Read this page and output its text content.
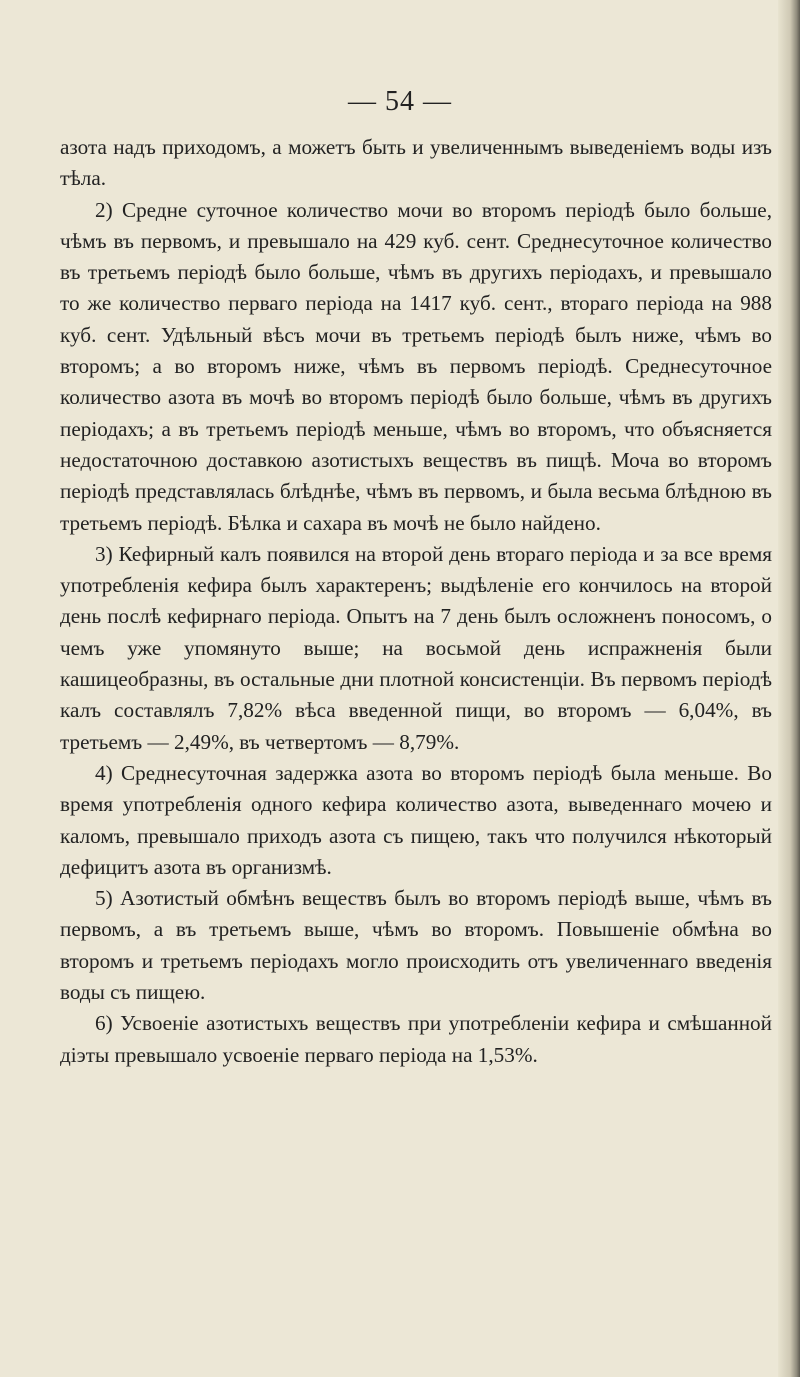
— 54 —

азота надъ приходомъ, а можетъ быть и увеличеннымъ выведеніемъ воды изъ тѣла.

2) Средне суточное количество мочи во второмъ періодѣ было больше, чѣмъ въ первомъ, и превышало на 429 куб. сент. Среднесуточное количество въ третьемъ періодѣ было больше, чѣмъ въ другихъ періодахъ, и превышало то же количество перваго періода на 1417 куб. сент., втораго періода на 988 куб. сент. Удѣльный вѣсъ мочи въ третьемъ періодѣ былъ ниже, чѣмъ во второмъ; а во второмъ ниже, чѣмъ въ первомъ періодѣ. Среднесуточное количество азота въ мочѣ во второмъ періодѣ было больше, чѣмъ въ другихъ періодахъ; а въ третьемъ періодѣ меньше, чѣмъ во второмъ, что объясняется недостаточною доставкою азотистыхъ веществъ въ пищѣ. Моча во второмъ періодѣ представлялась блѣднѣе, чѣмъ въ первомъ, и была весьма блѣдною въ третьемъ періодѣ. Бѣлка и сахара въ мочѣ не было найдено.

3) Кефирный калъ появился на второй день втораго періода и за все время употребленія кефира былъ характеренъ; выдѣленіе его кончилось на второй день послѣ кефирнаго періода. Опытъ на 7 день былъ осложненъ поносомъ, о чемъ уже упомянуто выше; на восьмой день испражненія были кашицеобразны, въ остальные дни плотной консистенціи. Въ первомъ періодѣ калъ составлялъ 7,82% вѣса введенной пищи, во второмъ — 6,04%, въ третьемъ — 2,49%, въ четвертомъ — 8,79%.

4) Среднесуточная задержка азота во второмъ періодѣ была меньше. Во время употребленія одного кефира количество азота, выведеннаго мочею и каломъ, превышало приходъ азота съ пищею, такъ что получился нѣкоторый дефицитъ азота въ организмѣ.

5) Азотистый обмѣнъ веществъ былъ во второмъ періодѣ выше, чѣмъ въ первомъ, а въ третьемъ выше, чѣмъ во второмъ. Повышеніе обмѣна во второмъ и третьемъ періодахъ могло происходить отъ увеличеннаго введенія воды съ пищею.

6) Усвоеніе азотистыхъ веществъ при употребленіи кефира и смѣшанной діэты превышало усвоеніе перваго періода на 1,53%.
